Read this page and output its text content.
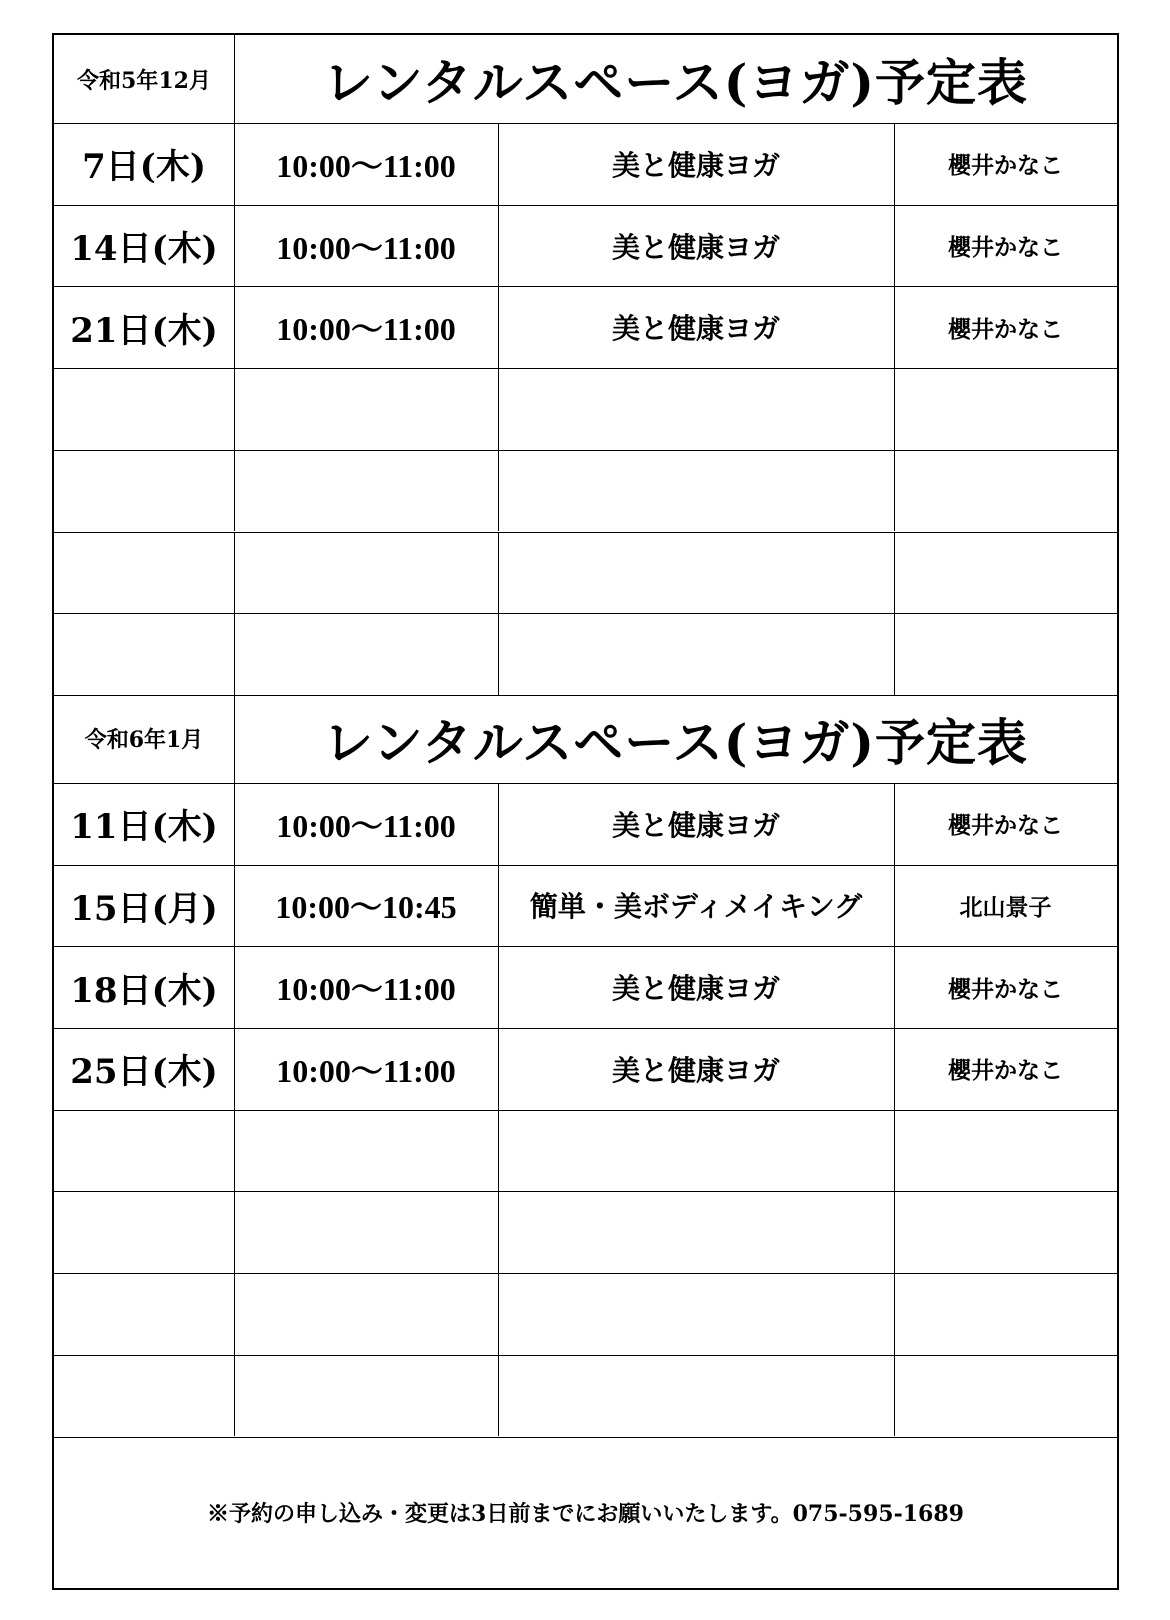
令和5年12月	レンタルスペース(ヨガ)予定表
7日(木)	10:00～11:00	美と健康ヨガ	櫻井かなこ
14日(木)	10:00～11:00	美と健康ヨガ	櫻井かなこ
21日(木)	10:00～11:00	美と健康ヨガ	櫻井かなこ
令和6年1月	レンタルスペース(ヨガ)予定表
11日(木)	10:00～11:00	美と健康ヨガ	櫻井かなこ
15日(月)	10:00～10:45	簡単・美ボディメイキング	北山景子
18日(木)	10:00～11:00	美と健康ヨガ	櫻井かなこ
25日(木)	10:00～11:00	美と健康ヨガ	櫻井かなこ
※予約の申し込み・変更は3日前までにお願いいたします。075-595-1689
